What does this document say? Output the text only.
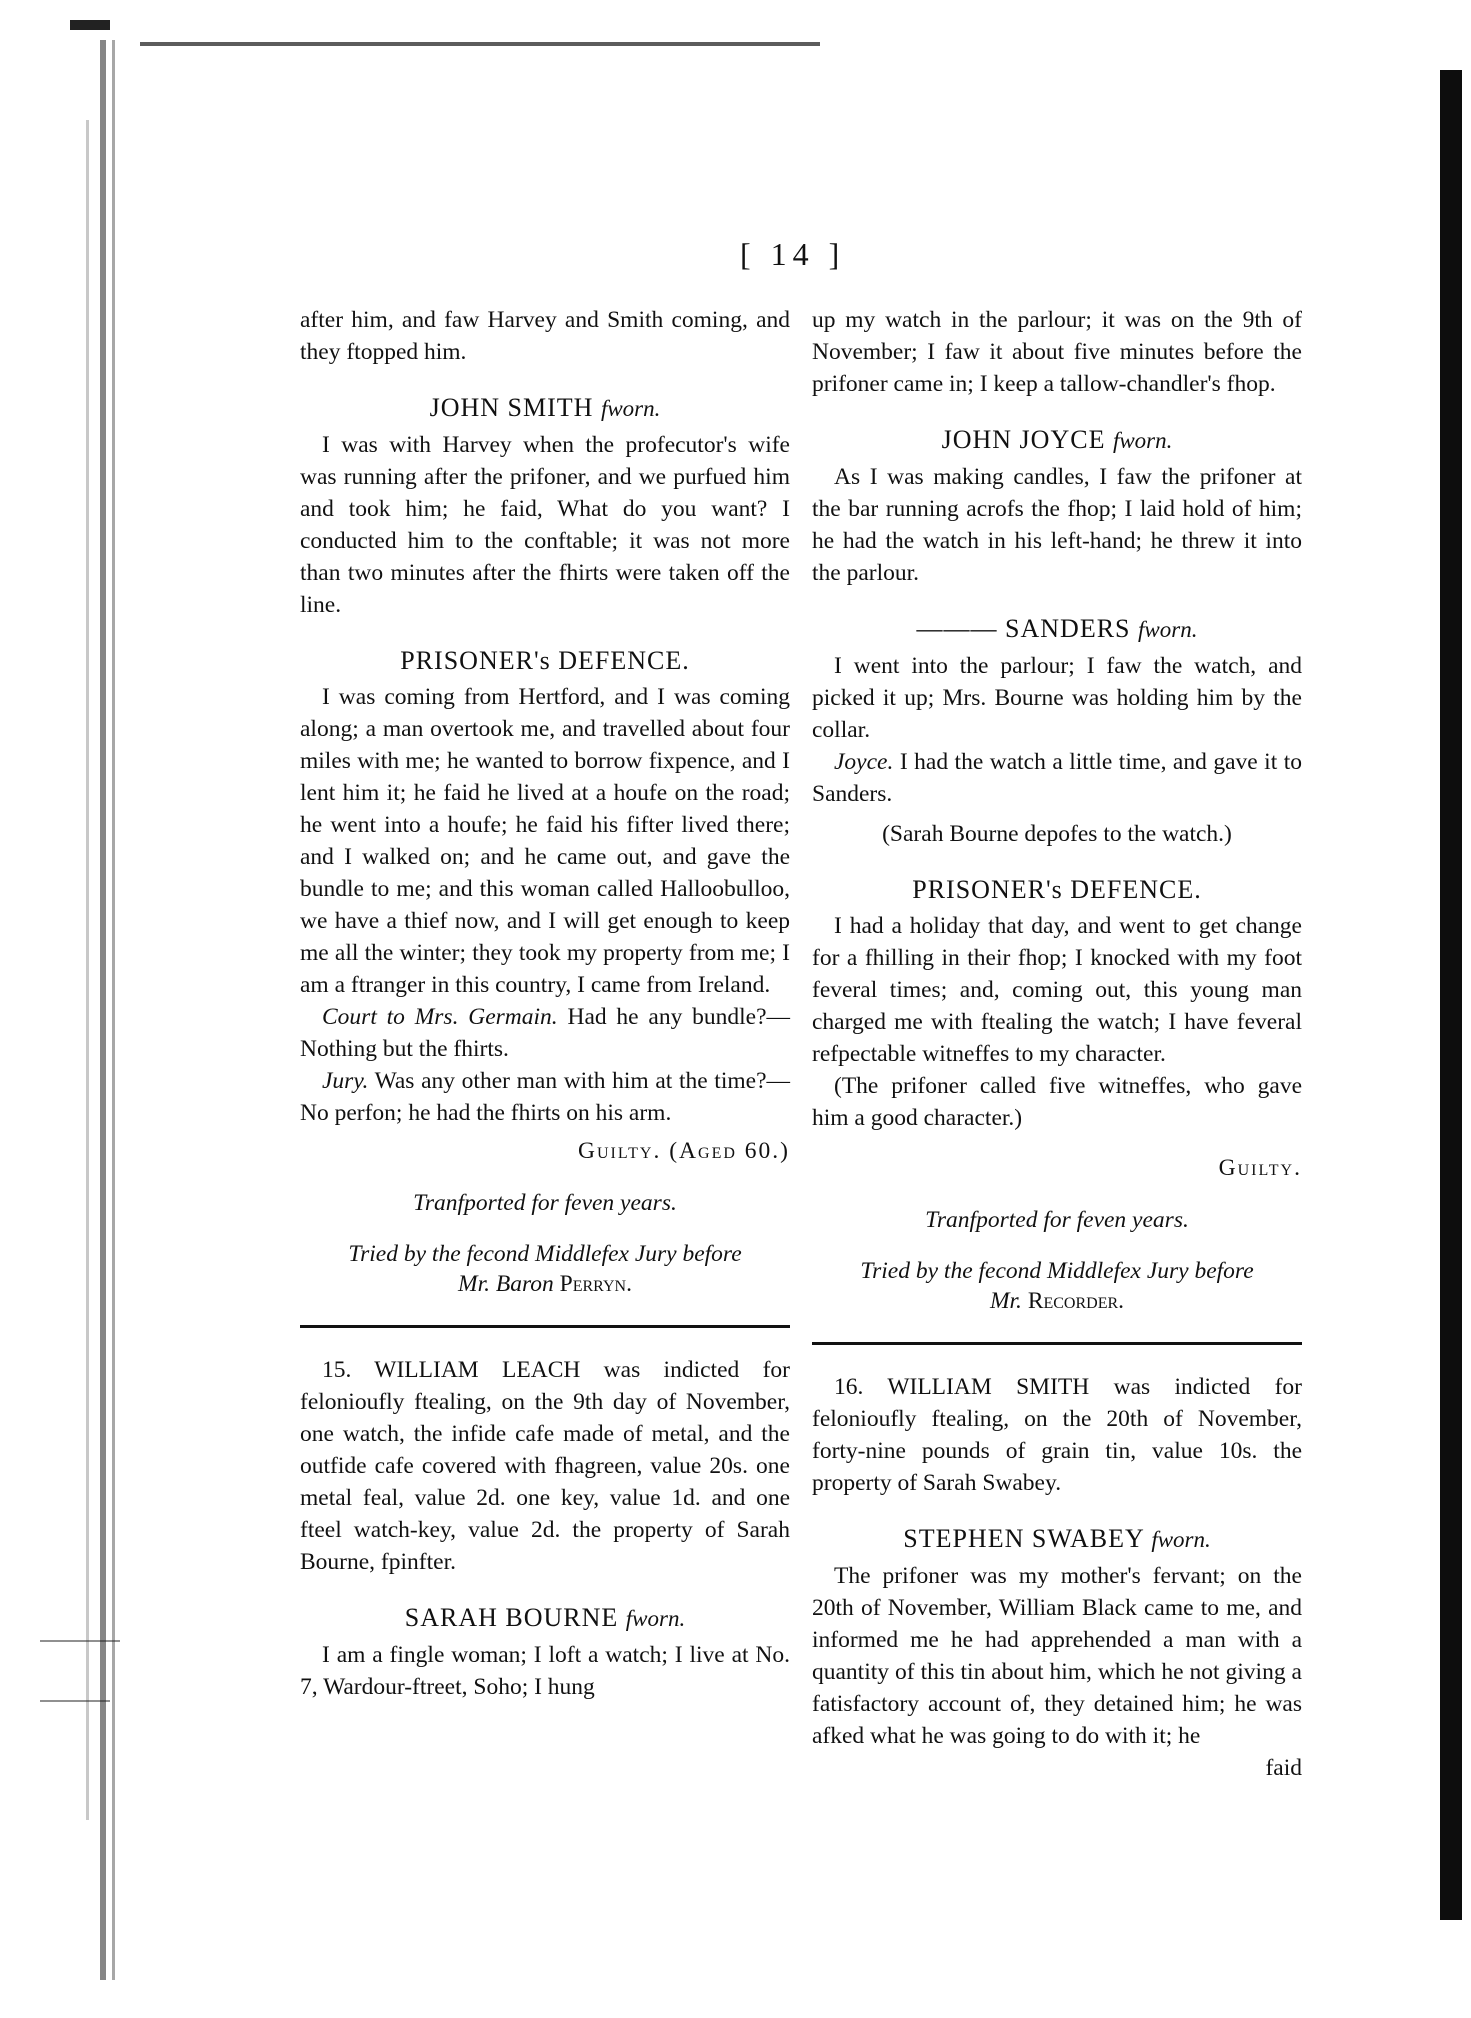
[ 14 ]

after him, and faw Harvey and Smith coming, and they ftopped him.

JOHN SMITH fworn.

I was with Harvey when the profecutor's wife was running after the prifoner, and we purfued him and took him; he faid, What do you want? I conducted him to the conftable; it was not more than two minutes after the fhirts were taken off the line.

PRISONER's DEFENCE.

I was coming from Hertford, and I was coming along; a man overtook me, and travelled about four miles with me; he wanted to borrow fixpence, and I lent him it; he faid he lived at a houfe on the road; he went into a houfe; he faid his fifter lived there; and I walked on; and he came out, and gave the bundle to me; and this woman called Halloobulloo, we have a thief now, and I will get enough to keep me all the winter; they took my property from me; I am a ftranger in this country, I came from Ireland.

Court to Mrs. Germain. Had he any bundle?—Nothing but the fhirts.

Jury. Was any other man with him at the time?—No perfon; he had the fhirts on his arm.

Guilty. (Aged 60.)
Tranfported for feven years.
Tried by the fecond Middlefex Jury before
Mr. Baron Perryn.

15. WILLIAM LEACH was indicted for felonioufly ftealing, on the 9th day of November, one watch, the infide cafe made of metal, and the outfide cafe covered with fhagreen, value 20s. one metal feal, value 2d. one key, value 1d. and one fteel watch-key, value 2d. the property of Sarah Bourne, fpinfter.

SARAH BOURNE fworn.

I am a fingle woman; I loft a watch; I live at No. 7, Wardour-ftreet, Soho; I hung

up my watch in the parlour; it was on the 9th of November; I faw it about five minutes before the prifoner came in; I keep a tallow-chandler's fhop.

JOHN JOYCE fworn.

As I was making candles, I faw the prifoner at the bar running acrofs the fhop; I laid hold of him; he had the watch in his left-hand; he threw it into the parlour.

——— SANDERS fworn.

I went into the parlour; I faw the watch, and picked it up; Mrs. Bourne was holding him by the collar.

Joyce. I had the watch a little time, and gave it to Sanders.

(Sarah Bourne depofes to the watch.)
PRISONER's DEFENCE.

I had a holiday that day, and went to get change for a fhilling in their fhop; I knocked with my foot feveral times; and, coming out, this young man charged me with ftealing the watch; I have feveral refpectable witneffes to my character.

(The prifoner called five witneffes, who gave him a good character.)

Guilty.
Tranfported for feven years.
Tried by the fecond Middlefex Jury before
Mr. Recorder.

16. WILLIAM SMITH was indicted for felonioufly ftealing, on the 20th of November, forty-nine pounds of grain tin, value 10s. the property of Sarah Swabey.

STEPHEN SWABEY fworn.

The prifoner was my mother's fervant; on the 20th of November, William Black came to me, and informed me he had apprehended a man with a quantity of this tin about him, which he not giving a fatisfactory account of, they detained him; he was afked what he was going to do with it; he

faid
